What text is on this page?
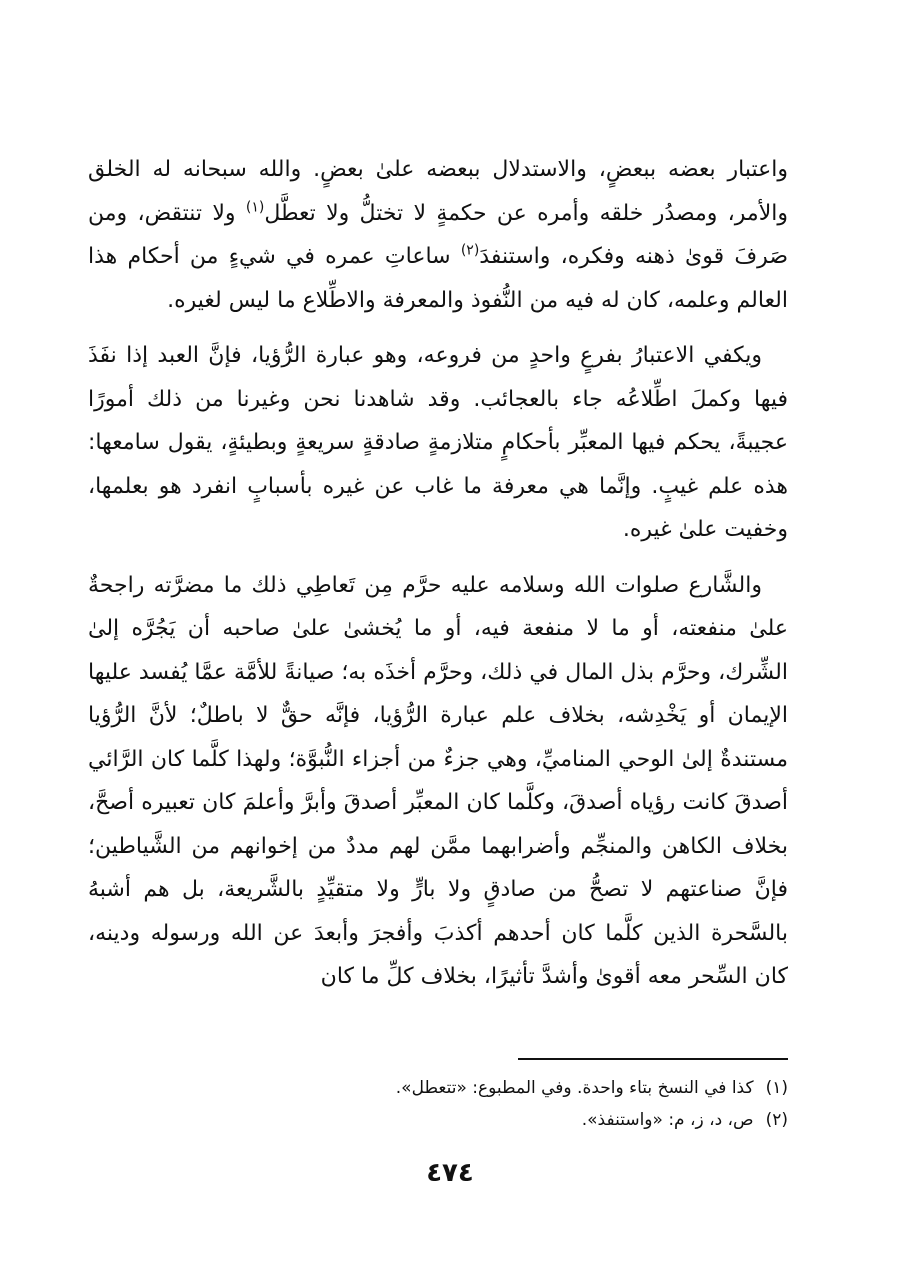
واعتبار بعضه ببعضٍ، والاستدلال ببعضه علىٰ بعضٍ. والله سبحانه له الخلق والأمر، ومصدُر خلقه وأمره عن حكمةٍ لا تختلُّ ولا تعطَّل$^{(١)}$ ولا تنتقض، ومن صَرفَ قوىٰ ذهنه وفكره، واستنفدَ$^{(٢)}$ ساعاتِ عمره في شيءٍ من أحكام هذا العالم وعلمه، كان له فيه من النُّفوذ والمعرفة والاطِّلاع ما ليس لغيره.

ويكفي الاعتبارُ بفرعٍ واحدٍ من فروعه، وهو عبارة الرُّؤيا، فإنَّ العبد إذا نفَذَ فيها وكملَ اطِّلاعُه جاء بالعجائب. وقد شاهدنا نحن وغيرنا من ذلك أمورًا عجيبةً، يحكم فيها المعبِّر بأحكامٍ متلازمةٍ صادقةٍ سريعةٍ وبطيئةٍ، يقول سامعها: هذه علم غيبٍ. وإنَّما هي معرفة ما غاب عن غيره بأسبابٍ انفرد هو بعلمها، وخفيت علىٰ غيره.

والشَّارع صلوات الله وسلامه عليه حرَّم مِن تَعاطِي ذلك ما مضرَّته راجحةٌ علىٰ منفعته، أو ما لا منفعة فيه، أو ما يُخشىٰ علىٰ صاحبه أن يَجُرَّه إلىٰ الشِّرك، وحرَّم بذل المال في ذلك، وحرَّم أخذَه به؛ صيانةً للأمَّة عمَّا يُفسد عليها الإيمان أو يَخْدِشه، بخلاف علم عبارة الرُّؤيا، فإنَّه حقٌّ لا باطلٌ؛ لأنَّ الرُّؤيا مستندةٌ إلىٰ الوحي المناميِّ، وهي جزءٌ من أجزاء النُّبوَّة؛ ولهذا كلَّما كان الرَّائي أصدقَ كانت رؤياه أصدقَ، وكلَّما كان المعبِّر أصدقَ وأبرَّ وأعلمَ كان تعبيره أصحَّ، بخلاف الكاهن والمنجِّم وأضرابهما ممَّن لهم مددٌ من إخوانهم من الشَّياطين؛ فإنَّ صناعتهم لا تصحُّ من صادقٍ ولا بارٍّ ولا متقيِّدٍ بالشَّريعة، بل هم أشبهُ بالسَّحرة الذين كلَّما كان أحدهم أكذبَ وأفجرَ وأبعدَ عن الله ورسوله ودينه، كان السِّحر معه أقوىٰ وأشدَّ تأثيرًا، بخلاف كلِّ ما كان

(١)كذا في النسخ بتاء واحدة. وفي المطبوع: «تتعطل».

(٢)ص، د، ز، م: «واستنفذ».

٤٧٤
